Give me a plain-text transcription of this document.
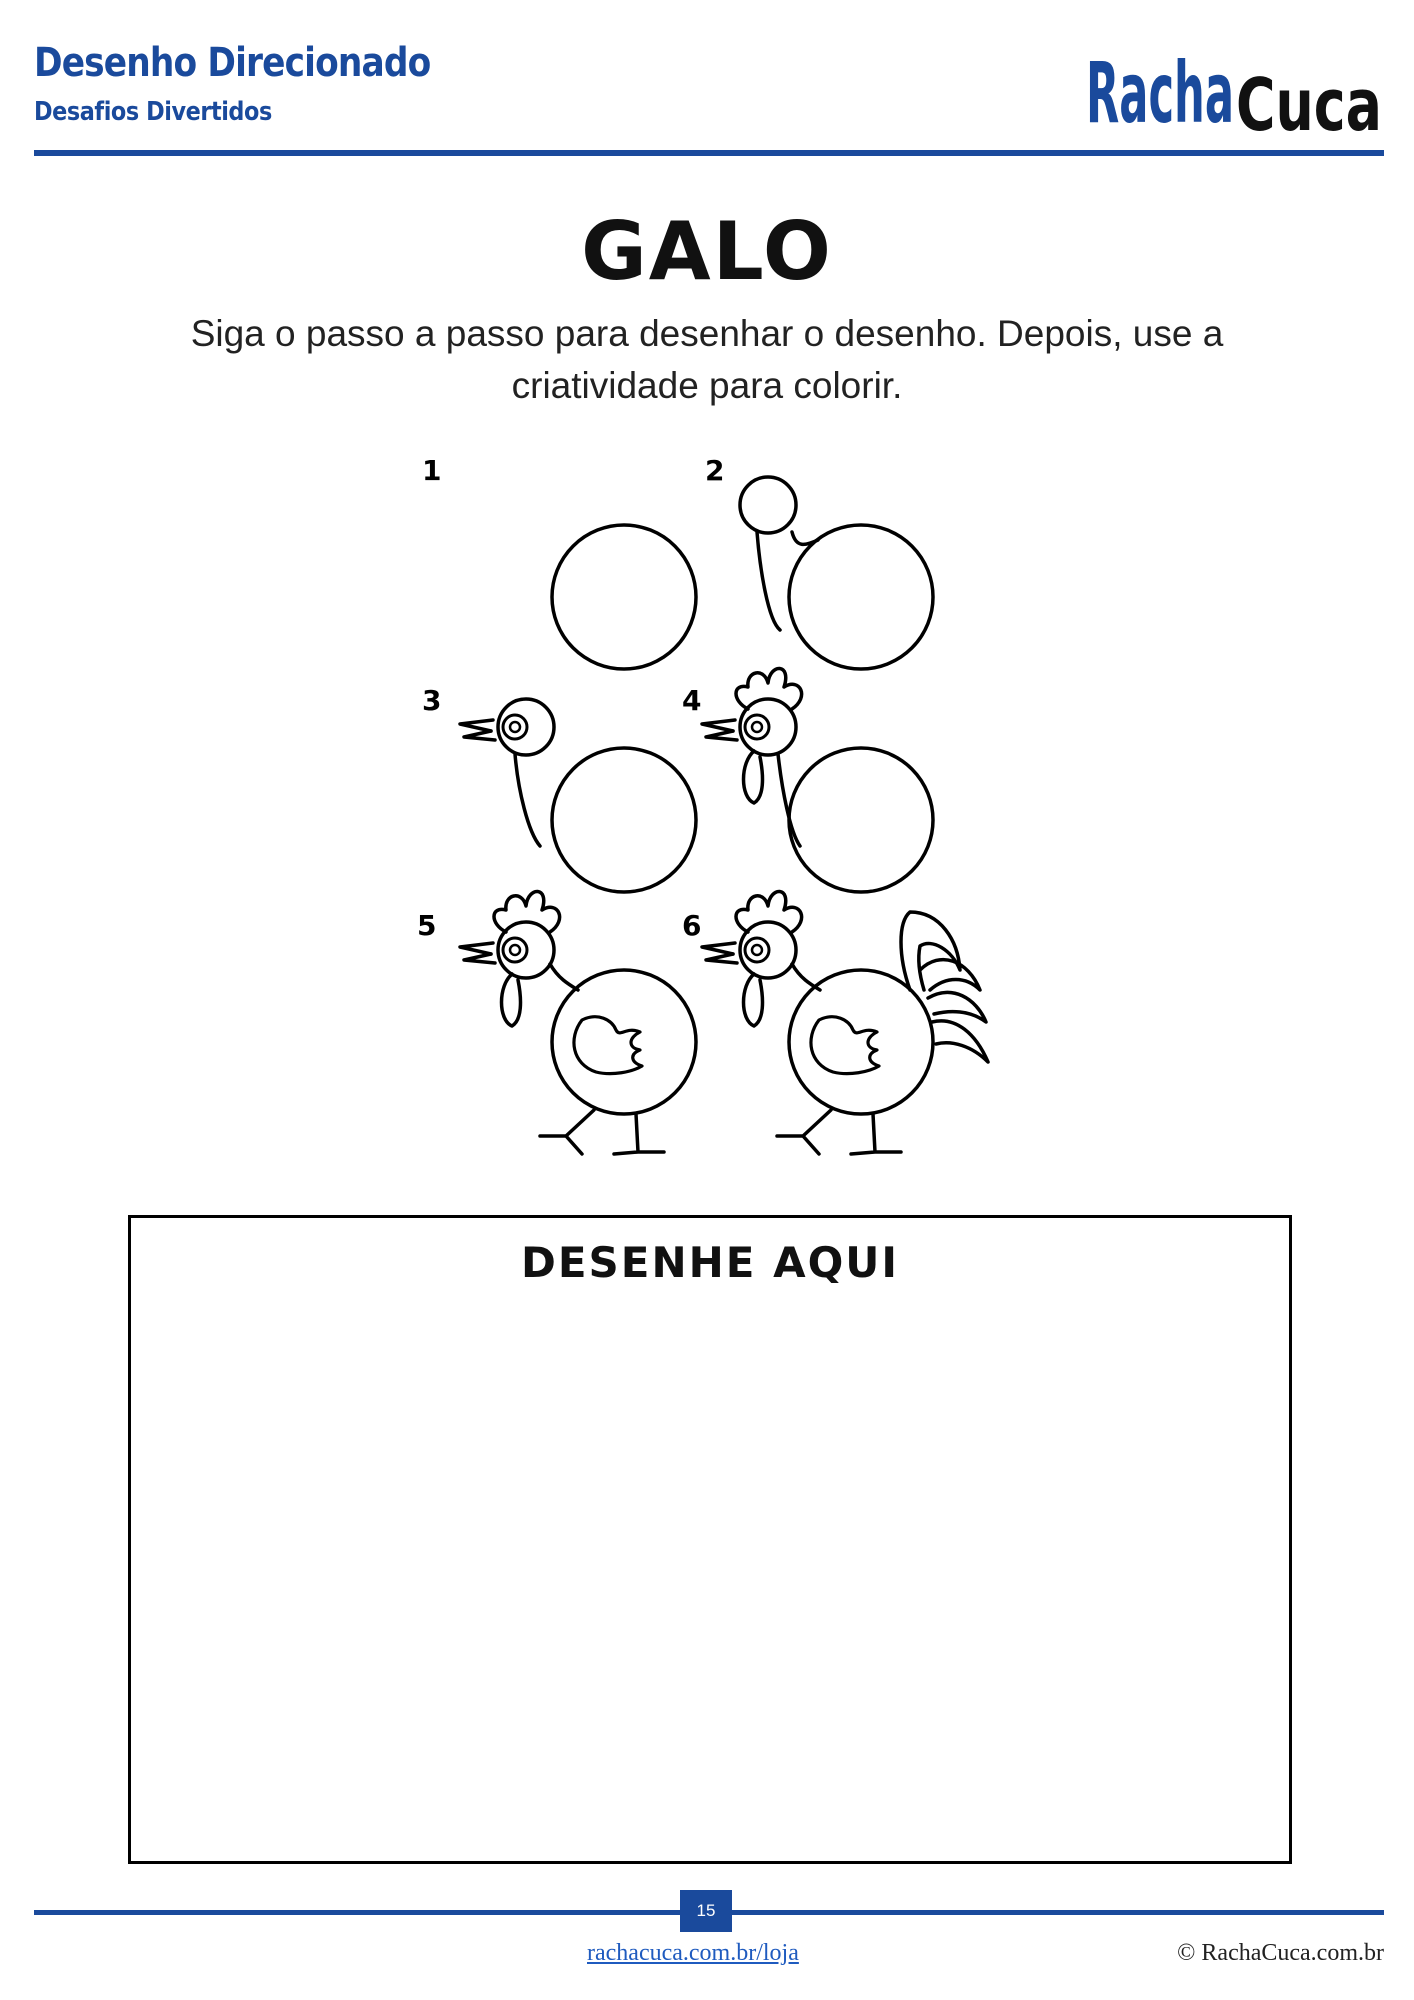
Desenho Direcionado
Desafios Divertidos	Racha Cuca
GALO
Siga o passo a passo para desenhar o desenho. Depois, use a criatividade para colorir.
1	2
3	4
5	6
DESENHE AQUI
15
rachacuca.com.br/loja	© RachaCuca.com.br
